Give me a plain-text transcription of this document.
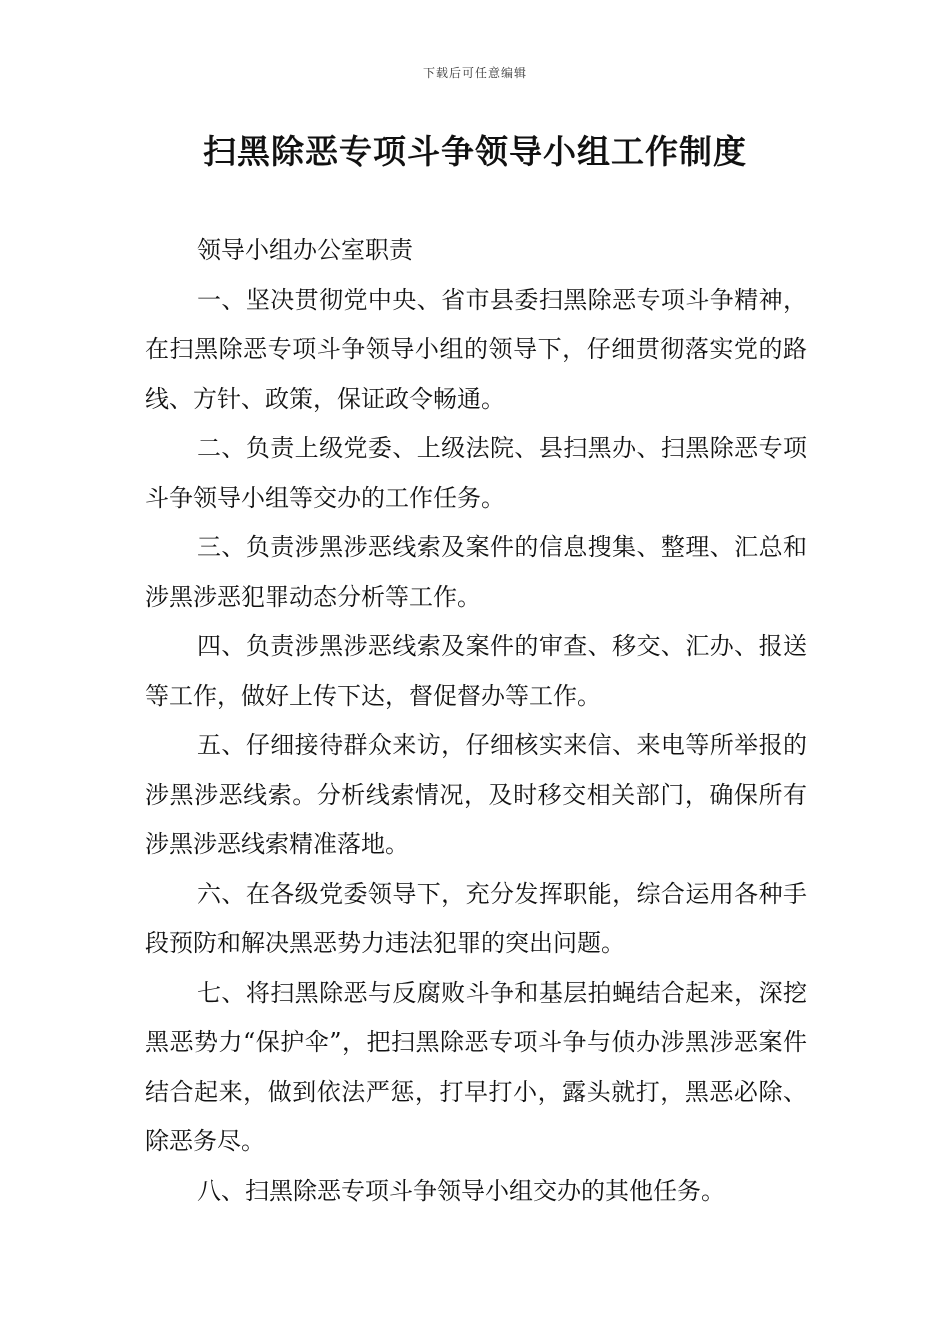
下载后可任意编辑
扫黑除恶专项斗争领导小组工作制度

领导小组办公室职责

一、坚决贯彻党中央、省市县委扫黑除恶专项斗争精神，在扫黑除恶专项斗争领导小组的领导下，仔细贯彻落实党的路线、方针、政策，保证政令畅通。

二、负责上级党委、上级法院、县扫黑办、扫黑除恶专项斗争领导小组等交办的工作任务。

三、负责涉黑涉恶线索及案件的信息搜集、整理、汇总和涉黑涉恶犯罪动态分析等工作。

四、负责涉黑涉恶线索及案件的审查、移交、汇办、报送等工作，做好上传下达，督促督办等工作。

五、仔细接待群众来访，仔细核实来信、来电等所举报的涉黑涉恶线索。分析线索情况，及时移交相关部门，确保所有涉黑涉恶线索精准落地。

六、在各级党委领导下，充分发挥职能，综合运用各种手段预防和解决黑恶势力违法犯罪的突出问题。

七、将扫黑除恶与反腐败斗争和基层拍蝇结合起来，深挖黑恶势力“保护伞”，把扫黑除恶专项斗争与侦办涉黑涉恶案件结合起来，做到依法严惩，打早打小，露头就打，黑恶必除、除恶务尽。

八、扫黑除恶专项斗争领导小组交办的其他任务。
